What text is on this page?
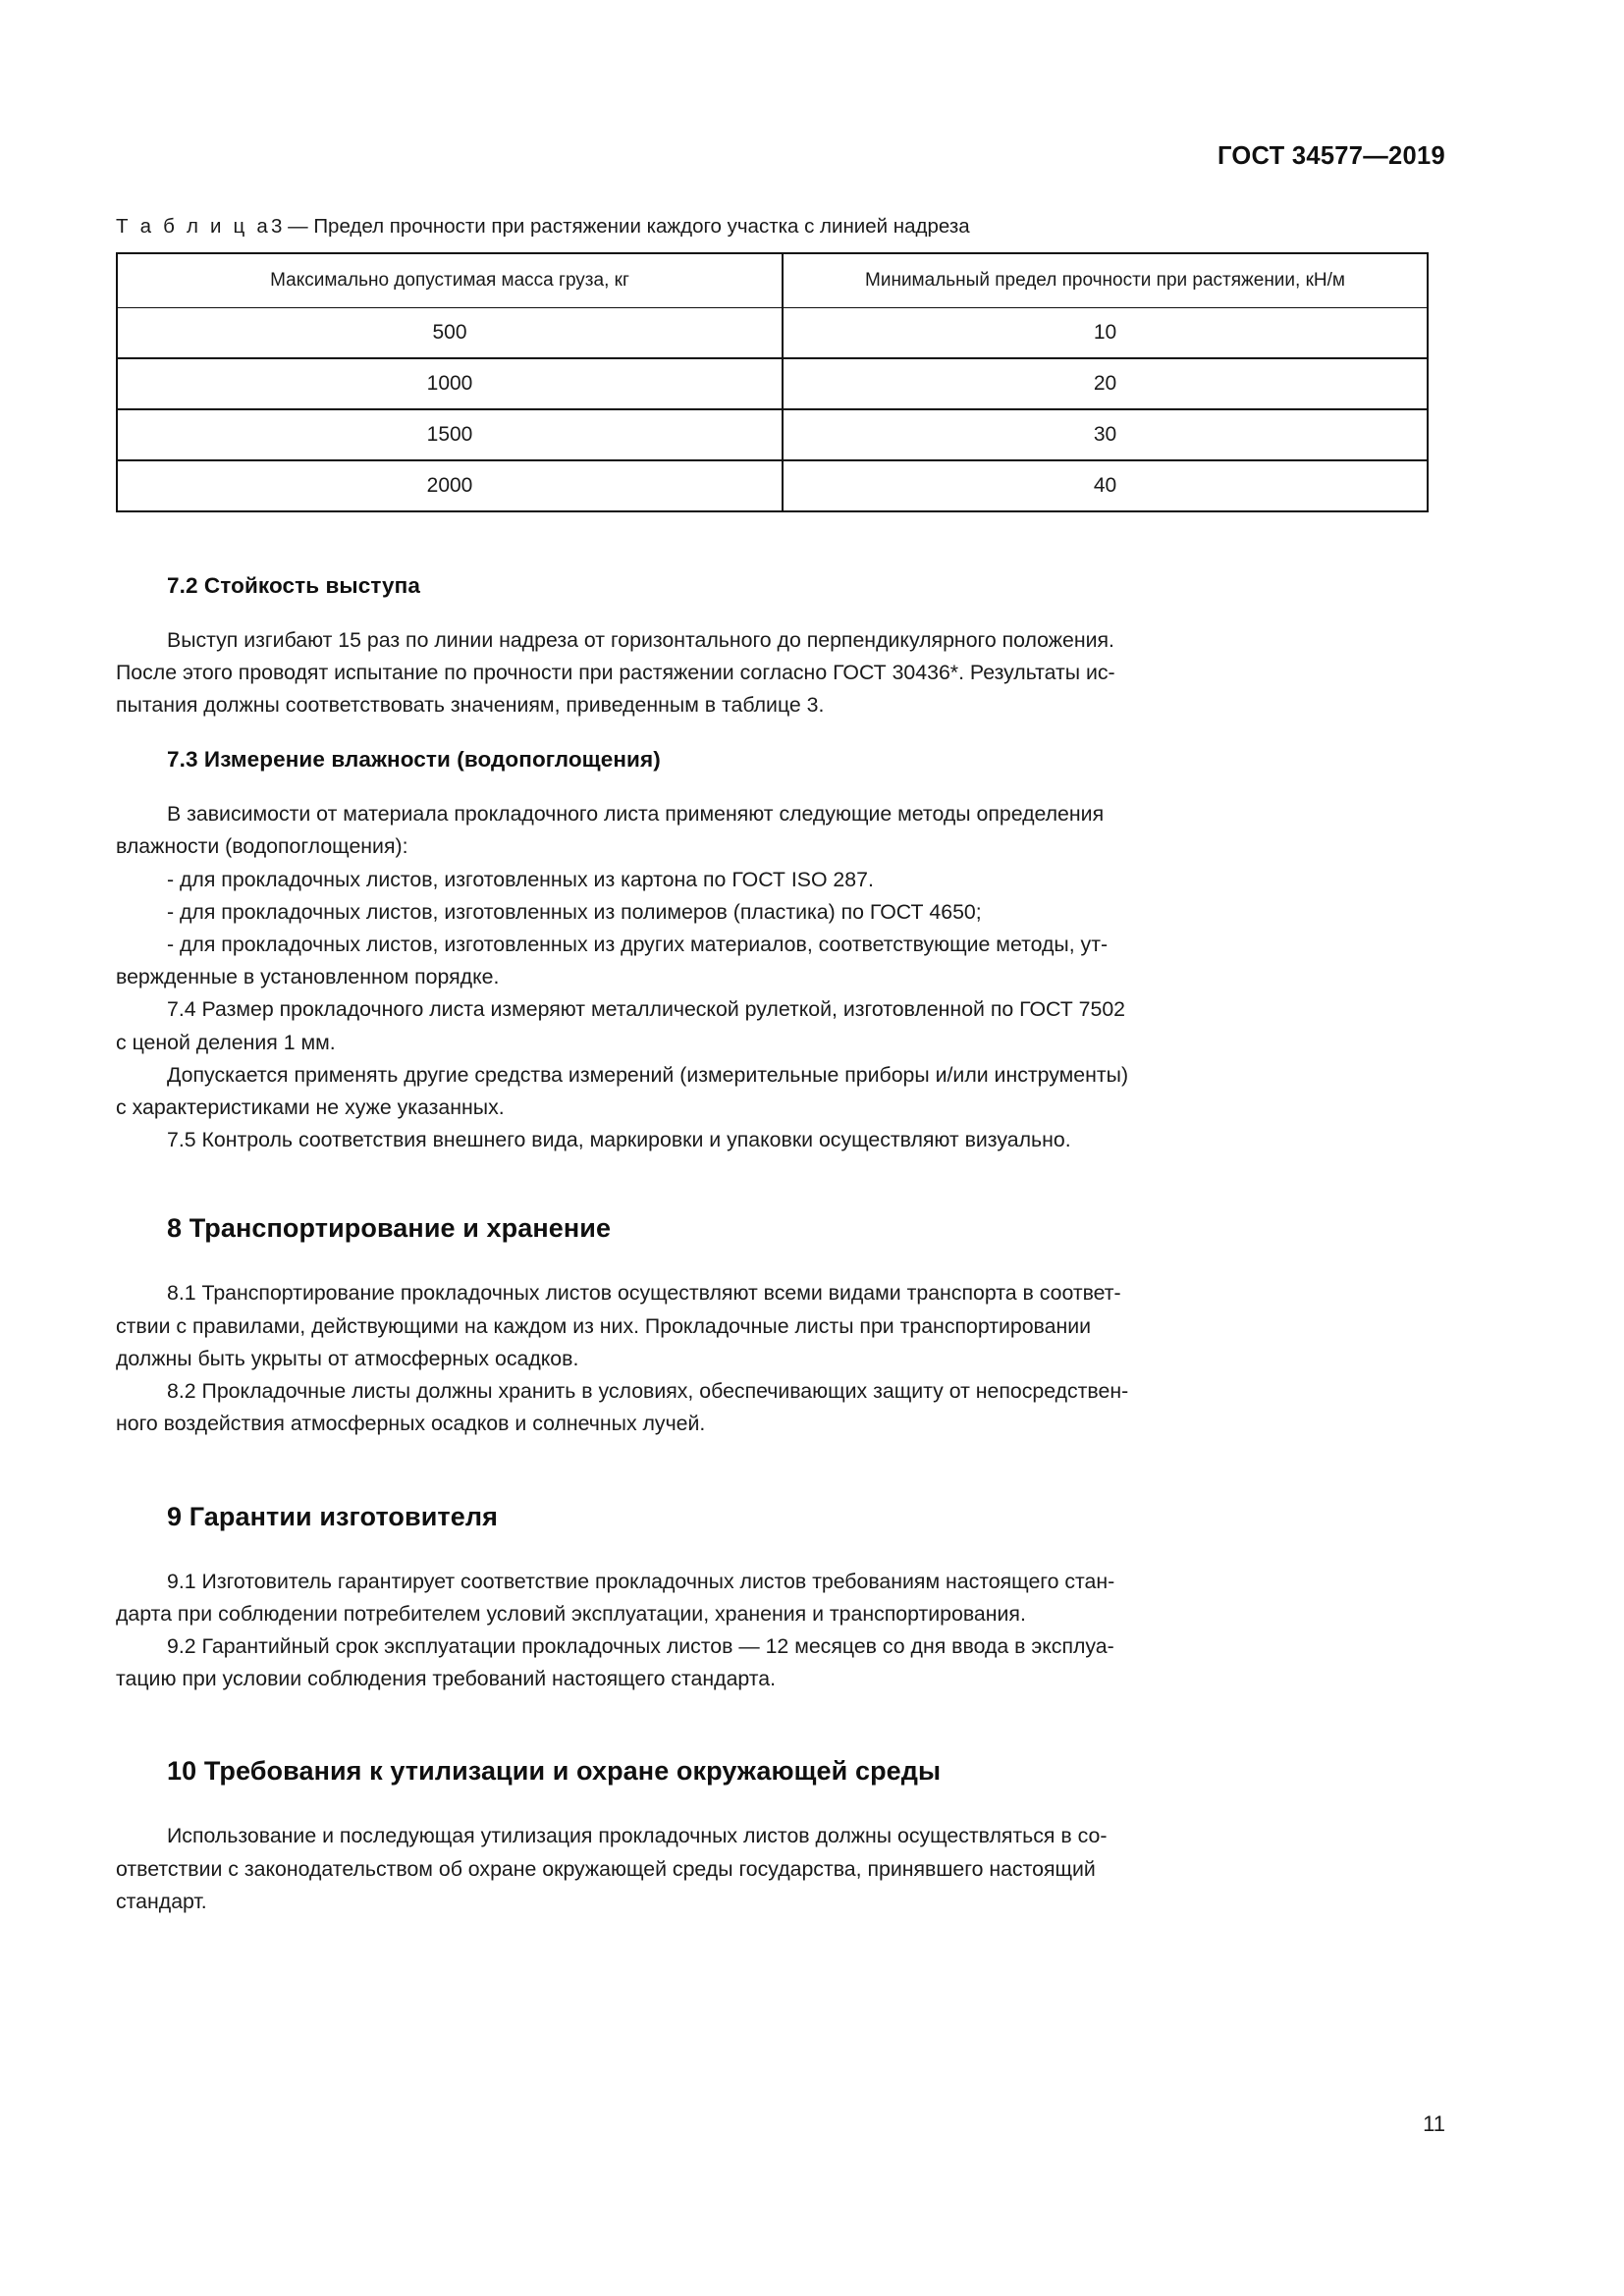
ГОСТ 34577—2019
Т а б л и ц а3 — Предел прочности при растяжении каждого участка с линией надреза
Максимально допустимая масса груза, кг	Минимальный предел прочности при растяжении, кН/м
500	10
1000	20
1500	30
2000	40
7.2 Стойкость выступа

Выступ изгибают 15 раз по линии надреза от горизонтального до перпендикулярного положения.

После этого проводят испытание по прочности при растяжении согласно ГОСТ 30436*. Результаты ис-

пытания должны соответствовать значениям, приведенным в таблице 3.

7.3 Измерение влажности (водопоглощения)

В зависимости от материала прокладочного листа применяют следующие методы определения

влажности (водопоглощения):

- для прокладочных листов, изготовленных из картона по ГОСТ ISO 287.

- для прокладочных листов, изготовленных из полимеров (пластика) по ГОСТ 4650;

- для прокладочных листов, изготовленных из других материалов, соответствующие методы, ут-

вержденные в установленном порядке.

7.4 Размер прокладочного листа измеряют металлической рулеткой, изготовленной по ГОСТ 7502

с ценой деления 1 мм.

Допускается применять другие средства измерений (измерительные приборы и/или инструменты)

с характеристиками не хуже указанных.

7.5 Контроль соответствия внешнего вида, маркировки и упаковки осуществляют визуально.

8 Транспортирование и хранение

8.1 Транспортирование прокладочных листов осуществляют всеми видами транспорта в соответ-

ствии с правилами, действующими на каждом из них. Прокладочные листы при транспортировании

должны быть укрыты от атмосферных осадков.

8.2 Прокладочные листы должны хранить в условиях, обеспечивающих защиту от непосредствен-

ного воздействия атмосферных осадков и солнечных лучей.

9 Гарантии изготовителя

9.1 Изготовитель гарантирует соответствие прокладочных листов требованиям настоящего стан-

дарта при соблюдении потребителем условий эксплуатации, хранения и транспортирования.

9.2 Гарантийный срок эксплуатации прокладочных листов — 12 месяцев со дня ввода в эксплуа-

тацию при условии соблюдения требований настоящего стандарта.

10 Требования к утилизации и охране окружающей среды

Использование и последующая утилизация прокладочных листов должны осуществляться в со-

ответствии с законодательством об охране окружающей среды государства, принявшего настоящий

стандарт.

11
